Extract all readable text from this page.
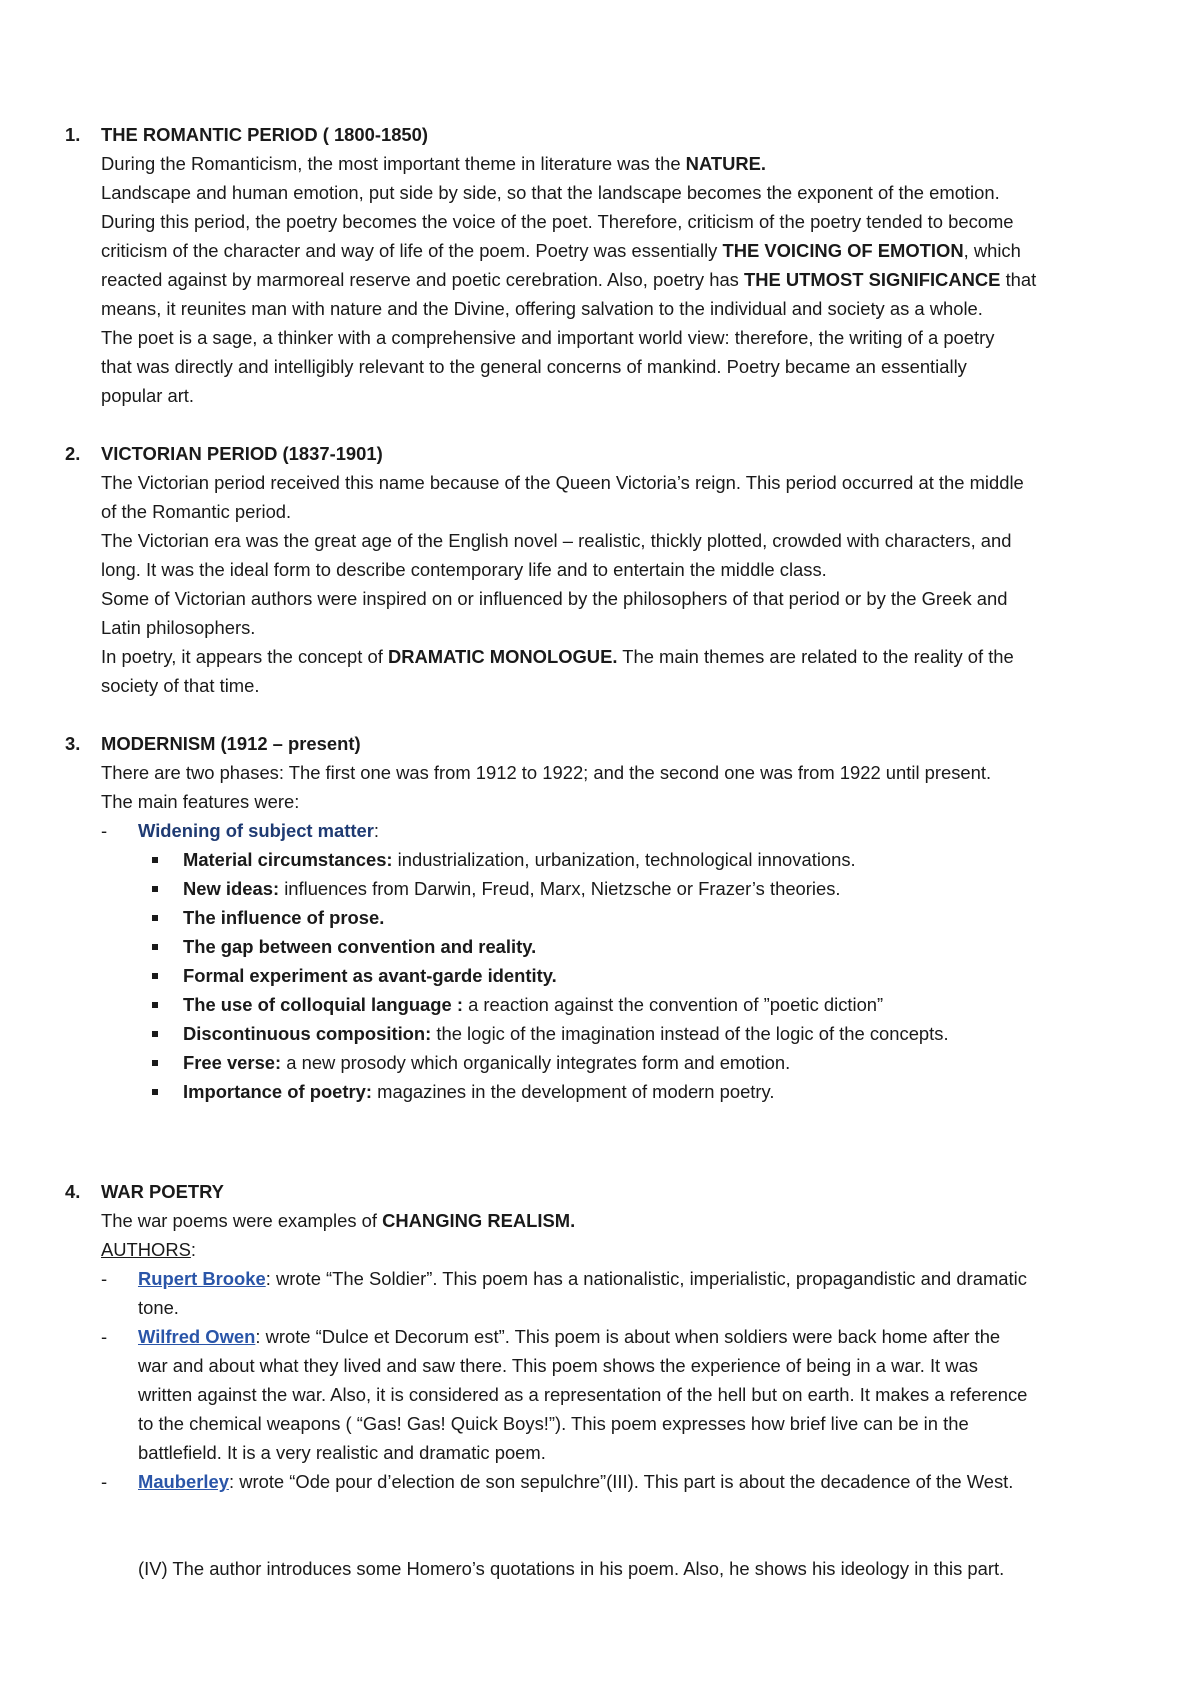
1. THE ROMANTIC PERIOD ( 1800-1850)
During the Romanticism, the most important theme in literature was the NATURE.
Landscape and human emotion, put side by side, so that the landscape becomes the exponent of the emotion.
During this period, the poetry becomes the voice of the poet. Therefore, criticism of the poetry tended to become
criticism of the character and way of life of the poem. Poetry was essentially THE VOICING OF EMOTION, which
reacted against by marmoreal reserve and poetic cerebration. Also, poetry has THE UTMOST SIGNIFICANCE that
means, it reunites man with nature and the Divine, offering salvation to the individual and society as a whole.
The poet is a sage, a thinker with a comprehensive and important world view: therefore, the writing of a poetry
that was directly and intelligibly relevant to the general concerns of mankind. Poetry became an essentially
popular art.
2. VICTORIAN PERIOD (1837-1901)
The Victorian period received this name because of the Queen Victoria’s reign. This period occurred at the middle
of the Romantic period.
The Victorian era was the great age of the English novel – realistic, thickly plotted, crowded with characters, and
long. It was the ideal form to describe contemporary life and to entertain the middle class.
Some of Victorian authors were inspired on or influenced by the philosophers of that period or by the Greek and
Latin philosophers.
In poetry, it appears the concept of DRAMATIC MONOLOGUE. The main themes are related to the reality of the
society of that time.
3. MODERNISM (1912 – present)
There are two phases: The first one was from 1912 to 1922; and the second one was from 1922 until present.
The main features were:
- Widening of subject matter:
Material circumstances: industrialization, urbanization, technological innovations.
New ideas: influences from Darwin, Freud, Marx, Nietzsche or Frazer’s theories.
The influence of prose.
The gap between convention and reality.
Formal experiment as avant-garde identity.
The use of colloquial language : a reaction against the convention of ”poetic diction”
Discontinuous composition: the logic of the imagination instead of the logic of the concepts.
Free verse: a new prosody which organically integrates form and emotion.
Importance of poetry: magazines in the development of modern poetry.
4. WAR POETRY
The war poems were examples of CHANGING REALISM.
AUTHORS:
- Rupert Brooke: wrote “The Soldier”. This poem has a nationalistic, imperialistic, propagandistic and dramatic
tone.
- Wilfred Owen: wrote “Dulce et Decorum est”. This poem is about when soldiers were back home after the
war and about what they lived and saw there. This poem shows the experience of being in a war. It was
written against the war. Also, it is considered as a representation of the hell but on earth. It makes a reference
to the chemical weapons ( “Gas! Gas! Quick Boys!”). This poem expresses how brief live can be in the
battlefield. It is a very realistic and dramatic poem.
- Mauberley: wrote “Ode pour d’election de son sepulchre”(III). This part is about the decadence of the West.
(IV) The author introduces some Homero’s quotations in his poem. Also, he shows his ideology in this part.
